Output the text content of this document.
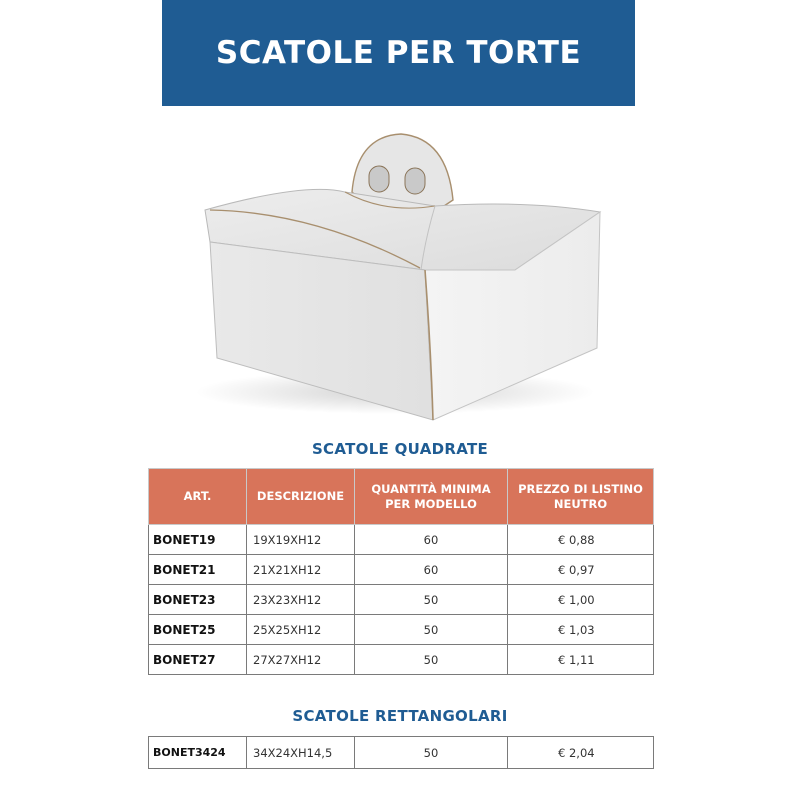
SCATOLE PER TORTE
SCATOLE QUADRATE
ART.	DESCRIZIONE	QUANTITÀ MINIMA PER MODELLO	PREZZO DI LISTINO NEUTRO
BONET19	19X19XH12	60	€ 0,88
BONET21	21X21XH12	60	€ 0,97
BONET23	23X23XH12	50	€ 1,00
BONET25	25X25XH12	50	€ 1,03
BONET27	27X27XH12	50	€ 1,11
SCATOLE RETTANGOLARI
BONET3424	34X24XH14,5	50	€ 2,04
